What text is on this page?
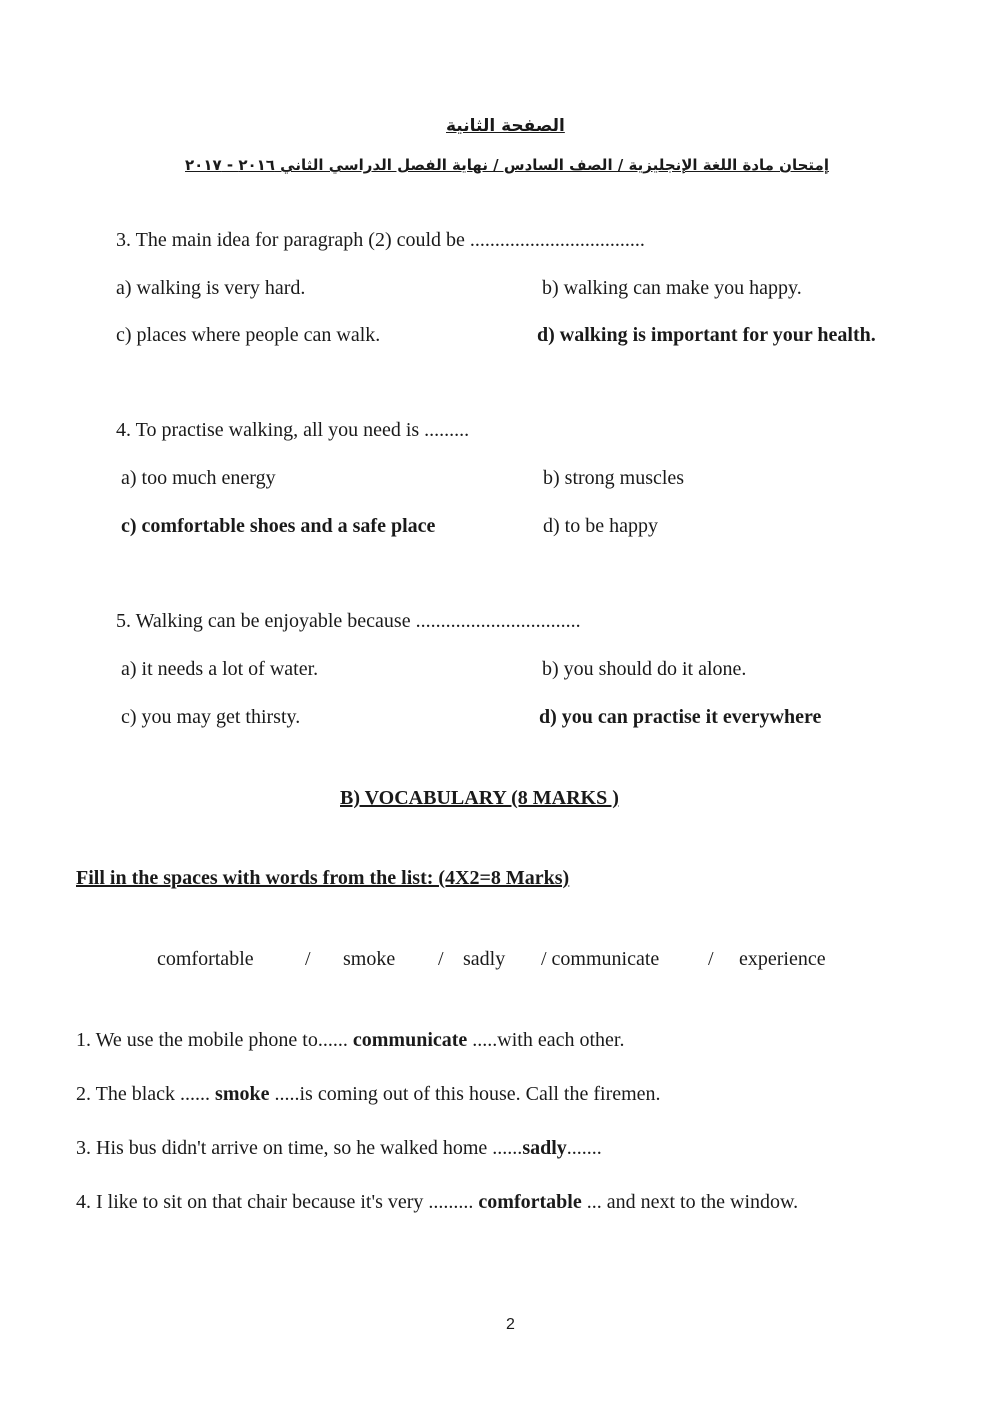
الصفحة الثانية
إمتحان مادة اللغة الإنجليزية / الصف السادس / نهاية الفصل الدراسي الثاني ٢٠١٦ - ٢٠١٧
3. The main idea for paragraph (2) could be ...................................
a) walking is very hard.	b) walking can make you happy.
c) places where people can walk.	d) walking is important for your health.
4. To practise walking, all you need is .........
a) too much energy	b) strong muscles
c) comfortable shoes and a safe place	d) to be happy
5. Walking can be enjoyable because .................................
a) it needs a lot of water.	b) you should do it alone.
c) you may get thirsty.	d) you can practise it everywhere
B) VOCABULARY (8 MARKS )
Fill in the spaces with words from the list: (4X2=8 Marks)
comfortable	/ smoke / sadly / communicate / experience
1. We use the mobile phone to...... communicate .....with each other.
2. The black ...... smoke .....is coming out of this house. Call the firemen.
3. His bus didn't arrive on time, so he walked home ......sadly.......
4. I like to sit on that chair because it's very ......... comfortable ... and next to the window.
2
